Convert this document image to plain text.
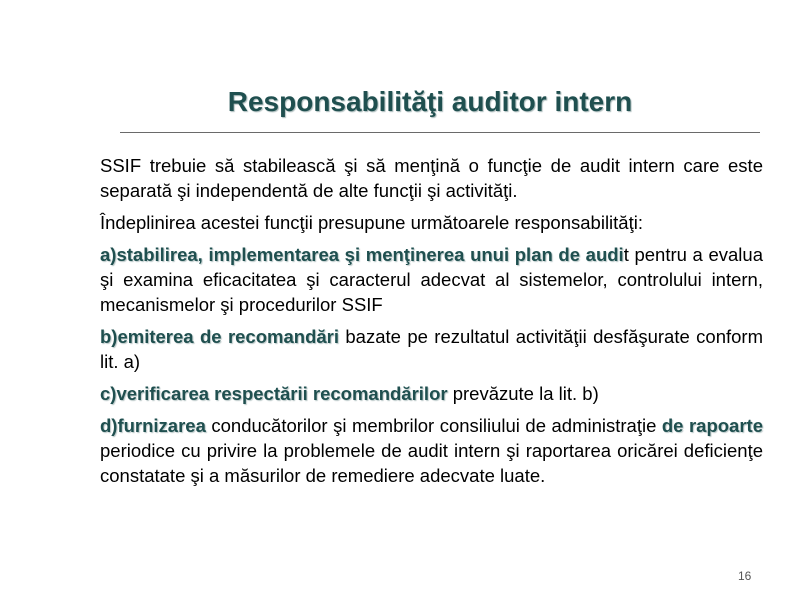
Responsabilităţi auditor intern

SSIF trebuie să stabilească şi să menţină o funcţie de audit intern care este separată şi independentă de alte funcţii şi activităţi.

Îndeplinirea acestei funcţii presupune următoarele responsabilităţi:

a)stabilirea, implementarea şi menţinerea unui plan de audit pentru a evalua şi examina eficacitatea şi caracterul adecvat al sistemelor, controlului intern, mecanismelor şi procedurilor SSIF

b)emiterea de recomandări bazate pe rezultatul activităţii desfăşurate conform lit. a)

c)verificarea respectării recomandărilor prevăzute la lit. b)

d)furnizarea conducătorilor şi membrilor consiliului de administraţie de rapoarte periodice cu privire la problemele de audit intern şi raportarea oricărei deficienţe constatate şi a măsurilor de remediere adecvate luate.

16
